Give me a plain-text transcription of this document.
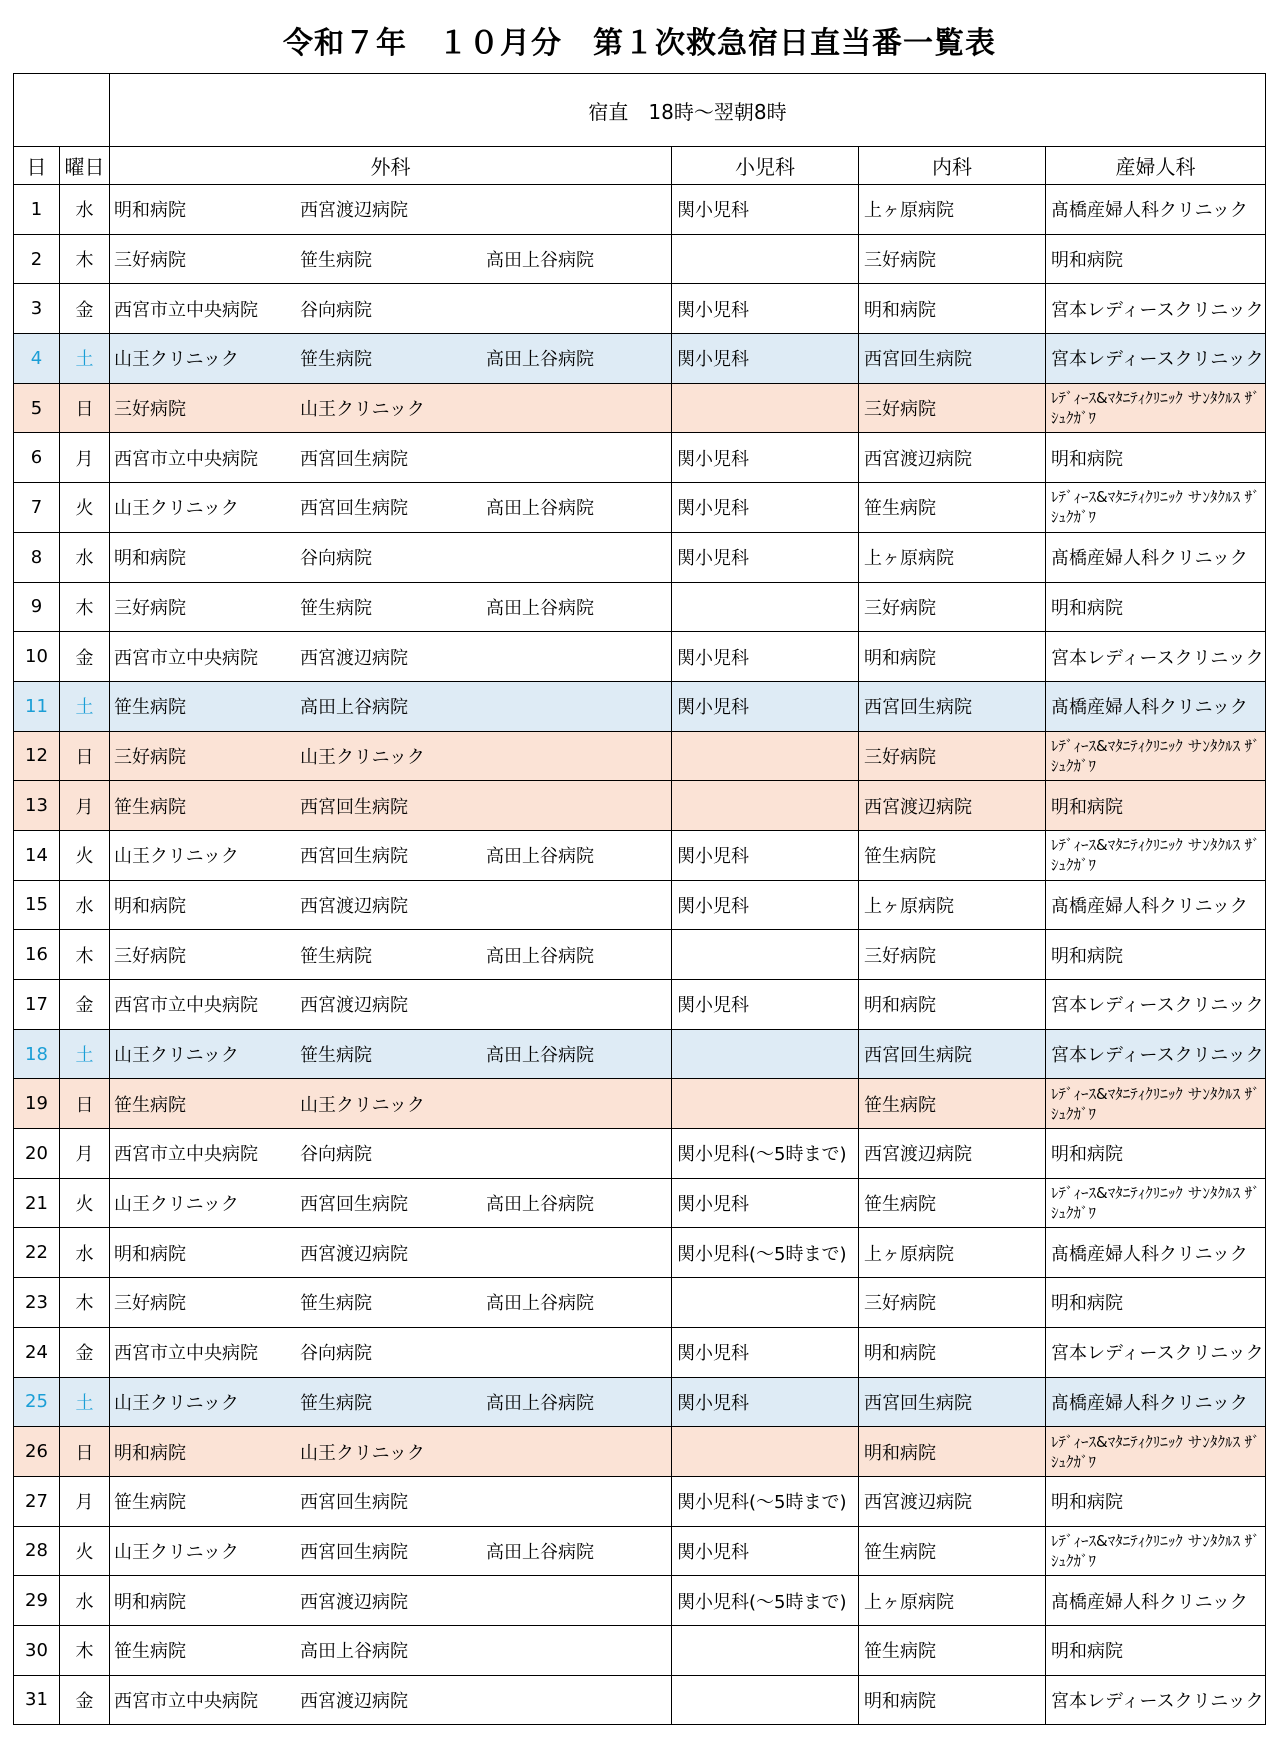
令和７年　１０月分　第１次救急宿日直当番一覧表
		宿直　18時～翌朝8時			
日	曜日	外科	小児科	内科	産婦人科
1	水	明和病院 西宮渡辺病院	関小児科	上ヶ原病院	髙橋産婦人科クリニック
2	木	三好病院 笹生病院 高田上谷病院		三好病院	明和病院
3	金	西宮市立中央病院 谷向病院	関小児科	明和病院	宮本レディースクリニック
4	土	山王クリニック 笹生病院 高田上谷病院	関小児科	西宮回生病院	宮本レディースクリニック
5	日	三好病院 山王クリニック		三好病院	ﾚﾃﾞｨｰｽ&ﾏﾀﾆﾃｨｸﾘﾆｯｸ サﾝﾀｸﾙｽ ｻﾞ ｼｭｸｶﾞﾜ

6	月	西宮市立中央病院 西宮回生病院	関小児科	西宮渡辺病院	明和病院
7	火	山王クリニック 西宮回生病院 高田上谷病院	関小児科	笹生病院	ﾚﾃﾞｨｰｽ&ﾏﾀﾆﾃｨｸﾘﾆｯｸ サﾝﾀｸﾙｽ ｻﾞ ｼｭｸｶﾞﾜ

8	水	明和病院 谷向病院	関小児科	上ヶ原病院	髙橋産婦人科クリニック
9	木	三好病院 笹生病院 高田上谷病院		三好病院	明和病院
10	金	西宮市立中央病院 西宮渡辺病院	関小児科	明和病院	宮本レディースクリニック
11	土	笹生病院 高田上谷病院	関小児科	西宮回生病院	髙橋産婦人科クリニック
12	日	三好病院 山王クリニック		三好病院	ﾚﾃﾞｨｰｽ&ﾏﾀﾆﾃｨｸﾘﾆｯｸ サﾝﾀｸﾙｽ ｻﾞ ｼｭｸｶﾞﾜ

13	月	笹生病院 西宮回生病院		西宮渡辺病院	明和病院
14	火	山王クリニック 西宮回生病院 高田上谷病院	関小児科	笹生病院	ﾚﾃﾞｨｰｽ&ﾏﾀﾆﾃｨｸﾘﾆｯｸ サﾝﾀｸﾙｽ ｻﾞ ｼｭｸｶﾞﾜ

15	水	明和病院 西宮渡辺病院	関小児科	上ヶ原病院	髙橋産婦人科クリニック
16	木	三好病院 笹生病院 高田上谷病院		三好病院	明和病院
17	金	西宮市立中央病院 西宮渡辺病院	関小児科	明和病院	宮本レディースクリニック
18	土	山王クリニック 笹生病院 高田上谷病院		西宮回生病院	宮本レディースクリニック
19	日	笹生病院 山王クリニック		笹生病院	ﾚﾃﾞｨｰｽ&ﾏﾀﾆﾃｨｸﾘﾆｯｸ サﾝﾀｸﾙｽ ｻﾞ ｼｭｸｶﾞﾜ

20	月	西宮市立中央病院 谷向病院	関小児科(～5時まで)	西宮渡辺病院	明和病院
21	火	山王クリニック 西宮回生病院 高田上谷病院	関小児科	笹生病院	ﾚﾃﾞｨｰｽ&ﾏﾀﾆﾃｨｸﾘﾆｯｸ サﾝﾀｸﾙｽ ｻﾞ ｼｭｸｶﾞﾜ

22	水	明和病院 西宮渡辺病院	関小児科(～5時まで)	上ヶ原病院	髙橋産婦人科クリニック
23	木	三好病院 笹生病院 高田上谷病院		三好病院	明和病院
24	金	西宮市立中央病院 谷向病院	関小児科	明和病院	宮本レディースクリニック
25	土	山王クリニック 笹生病院 高田上谷病院	関小児科	西宮回生病院	髙橋産婦人科クリニック
26	日	明和病院 山王クリニック		明和病院	ﾚﾃﾞｨｰｽ&ﾏﾀﾆﾃｨｸﾘﾆｯｸ サﾝﾀｸﾙｽ ｻﾞ ｼｭｸｶﾞﾜ

27	月	笹生病院 西宮回生病院	関小児科(～5時まで)	西宮渡辺病院	明和病院
28	火	山王クリニック 西宮回生病院 高田上谷病院	関小児科	笹生病院	ﾚﾃﾞｨｰｽ&ﾏﾀﾆﾃｨｸﾘﾆｯｸ サﾝﾀｸﾙｽ ｻﾞ ｼｭｸｶﾞﾜ

29	水	明和病院 西宮渡辺病院	関小児科(～5時まで)	上ヶ原病院	髙橋産婦人科クリニック
30	木	笹生病院 高田上谷病院		笹生病院	明和病院
31	金	西宮市立中央病院 西宮渡辺病院		明和病院	宮本レディースクリニック
